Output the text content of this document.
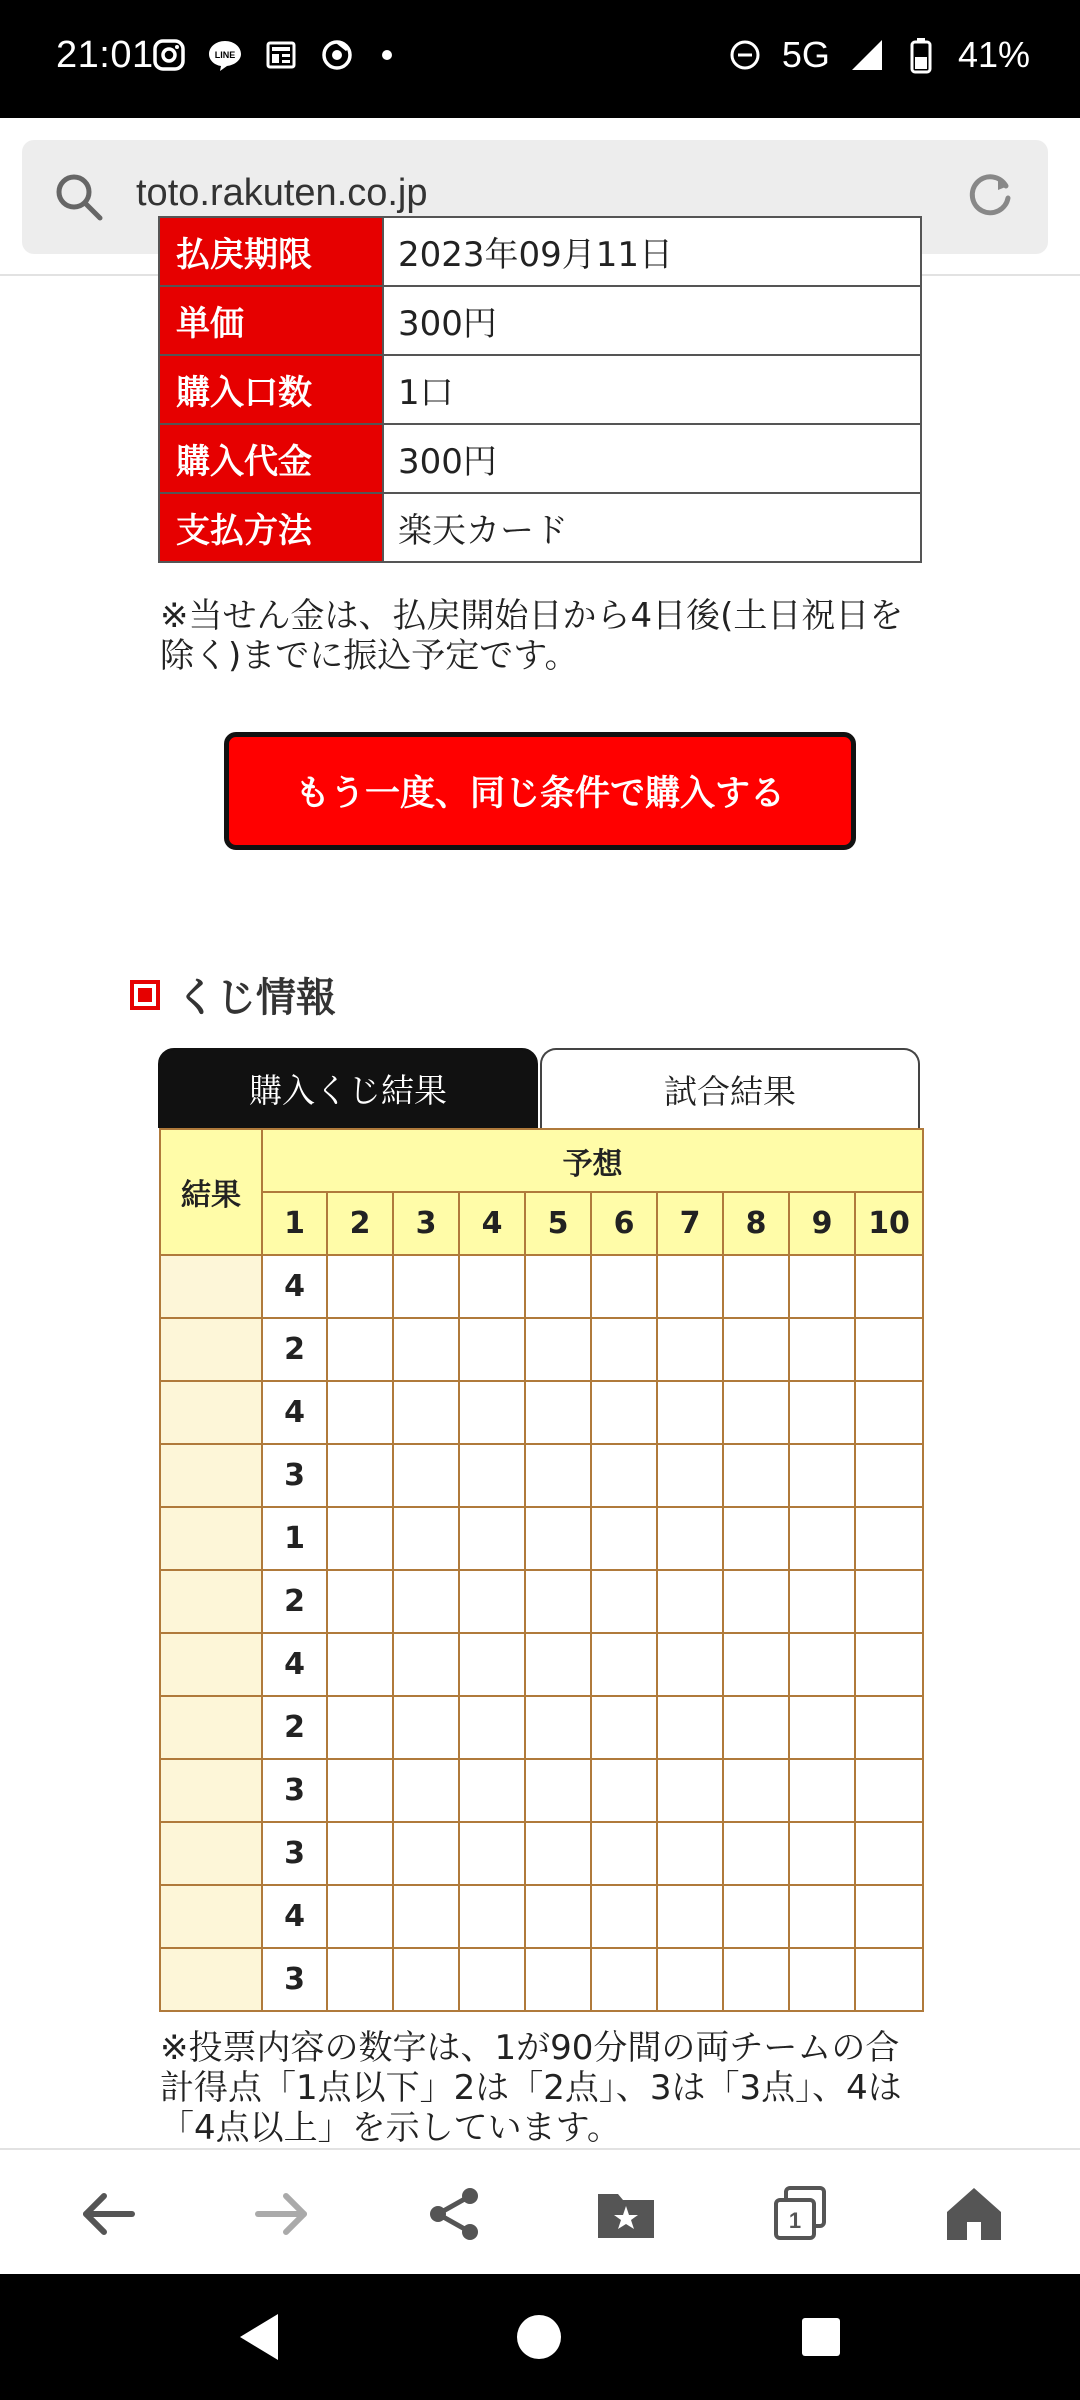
21:01	LINE	5G	41%
toto.rakuten.co.jp
払戻期限	2023年09月11日
単価	300円
購入口数	1口
購入代金	300円
支払方法	楽天カード
※当せん金は、払戻開始日から4日後(土日祝日を除く)までに振込予定です。
もう一度、同じ条件で購入する
くじ情報
購入くじ結果	試合結果
結果	予想									
	1	2	3	4	5	6	7	8	9	10
	4									
	2									
	4									
	3									
	1									
	2									
	4									
	2									
	3									
	3									
	4									
	3									
※投票内容の数字は、1が90分間の両チームの合計得点「1点以下」2は「2点」、3は「3点」、4は「4点以上」を示しています。
1
